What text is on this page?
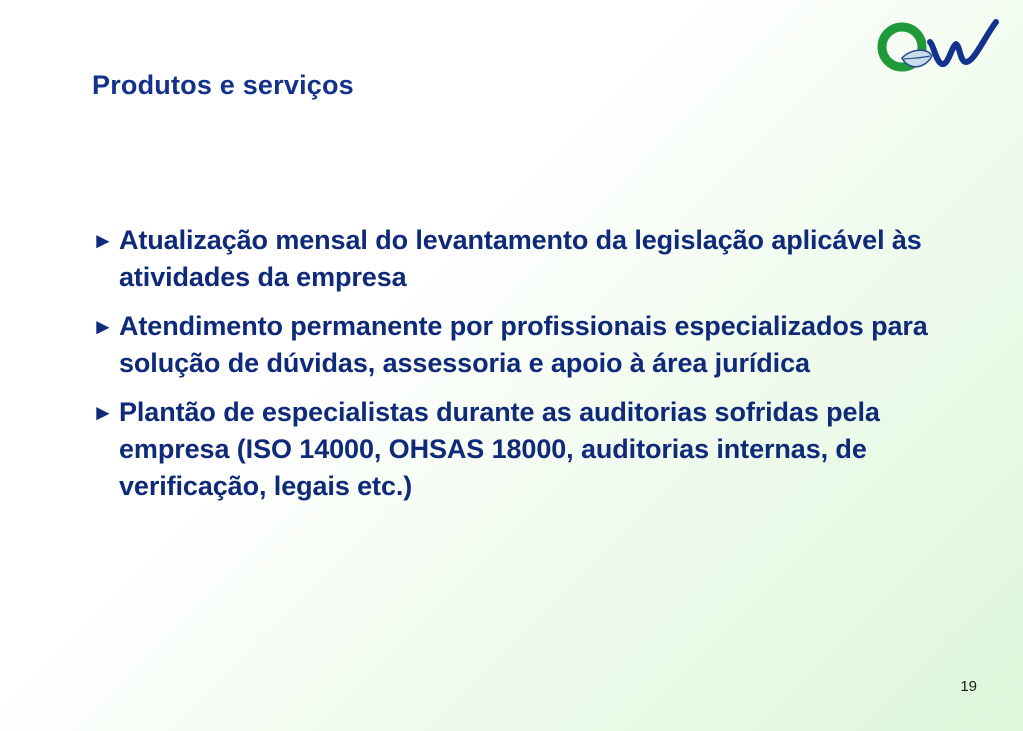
Produtos e serviços
► Atualização mensal do levantamento da legislação aplicável às atividades da empresa
► Atendimento permanente por profissionais especializados para solução de dúvidas, assessoria e apoio à área jurídica
► Plantão de especialistas durante as auditorias sofridas pela empresa (ISO 14000, OHSAS 18000, auditorias internas, de verificação, legais etc.)
19
